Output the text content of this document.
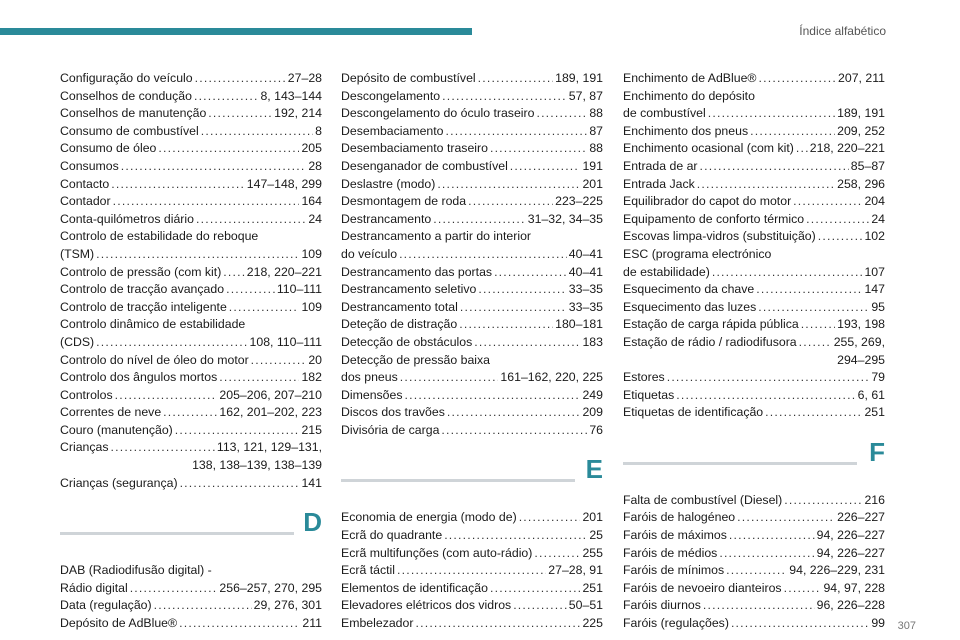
Índice alfabético
Configuração do veículo .....	27–28
Conselhos de condução .....	8, 143–144
Conselhos de manutenção .....	192, 214
Consumo de combustível .....	8
Consumo de óleo .....	205
Consumos .....	28
Contacto .....	147–148, 299
Contador .....	164
Conta-quilómetros diário .....	24
Controlo de estabilidade do reboque
(TSM) .....	109
Controlo de pressão (com kit) ..... 218, 220–221
Controlo de tracção avançado .....	110–111
Controlo de tracção inteligente .....	109
Controlo dinâmico de estabilidade
(CDS) .....	108, 110–111
Controlo do nível de óleo do motor .....	20
Controlo dos ângulos mortos .....	182
Controlos .....	205–206, 207–210
Correntes de neve .....	162, 201–202, 223
Couro (manutenção) .....	215
Crianças .....	113, 121, 129–131,
138, 138–139, 138–139
Crianças (segurança) .....	141
D
DAB (Radiodifusão digital) -
Rádio digital .....	256–257, 270, 295
Data (regulação) .....	29, 276, 301
Depósito de AdBlue® .....	211
Depósito de combustível .....	189, 191
Descongelamento .....	57, 87
Descongelamento do óculo traseiro .....	88
Desembaciamento .....	87
Desembaciamento traseiro .....	88
Desenganador de combustível .....	191
Deslastre (modo) .....	201
Desmontagem de roda .....	223–225
Destrancamento .....	31–32, 34–35
Destrancamento a partir do interior
do veículo .....	40–41
Destrancamento das portas .....	40–41
Destrancamento seletivo .....	33–35
Destrancamento total .....	33–35
Deteção de distração .....	180–181
Detecção de obstáculos .....	183
Detecção de pressão baixa
dos pneus .....	161–162, 220, 225
Dimensões .....	249
Discos dos travões .....	209
Divisória de carga .....	76
E
Economia de energia (modo de) .....	201
Ecrã do quadrante .....	25
Ecrã multifunções (com auto-rádio) .....	255
Ecrã táctil .....	27–28, 91
Elementos de identificação .....	251
Elevadores elétricos dos vidros .....	50–51
Embelezador .....	225
Enchimento de AdBlue® .....	207, 211
Enchimento do depósito
de combustível .....	189, 191
Enchimento dos pneus .....	209, 252
Enchimento ocasional (com kit) ..... 218, 220–221
Entrada de ar .....	85–87
Entrada Jack .....	258, 296
Equilibrador do capot do motor .....	204
Equipamento de conforto térmico .....	24
Escovas limpa-vidros (substituição) .....	102
ESC (programa electrónico
de estabilidade) .....	107
Esquecimento da chave .....	147
Esquecimento das luzes .....	95
Estação de carga rápida pública .....	193, 198
Estação de rádio / radiodifusora .....	255, 269,
294–295
Estores .....	79
Etiquetas .....	6, 61
Etiquetas de identificação .....	251
F
Falta de combustível (Diesel) .....	216
Faróis de halogéneo .....	226–227
Faróis de máximos .....	94, 226–227
Faróis de médios .....	94, 226–227
Faróis de mínimos .....	94, 226–229, 231
Faróis de nevoeiro dianteiros .....	94, 97, 228
Faróis diurnos .....	96, 226–228
Faróis (regulações) .....	99 307
